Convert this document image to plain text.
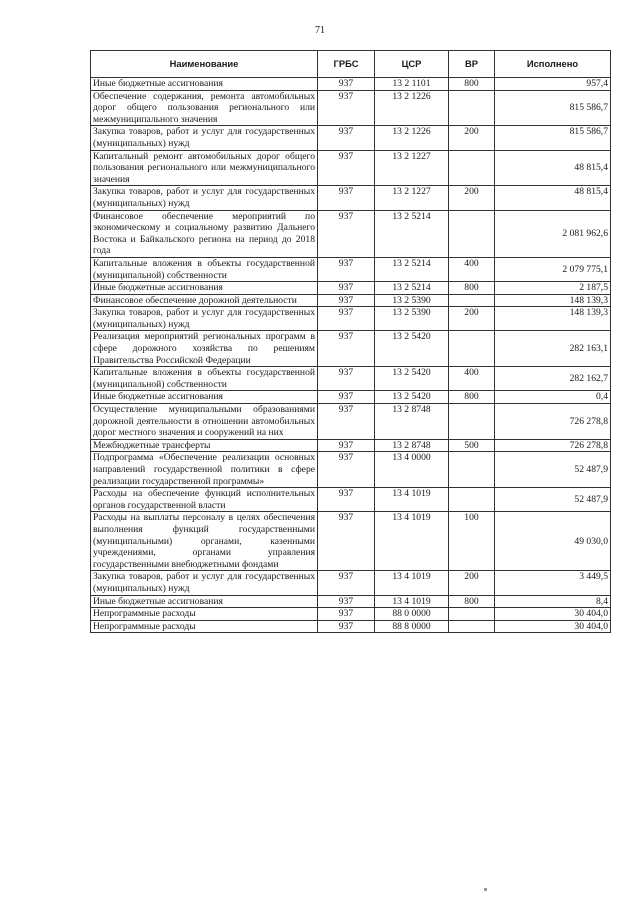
71
Наименование	ГРБС	ЦСР	ВР	Исполнено
Иные бюджетные ассигнования	937	13 2 1101	800	957,4
Обеспечение содержания, ремонта автомобильных дорог общего пользования регионального или межмуниципального значения	937	13 2 1226		815 586,7
Закупка товаров, работ и услуг для государственных (муниципальных) нужд	937	13 2 1226	200	815 586,7
Капитальный ремонт автомобильных дорог общего пользования регионального или межмуниципального значения	937	13 2 1227		48 815,4
Закупка товаров, работ и услуг для государственных (муниципальных) нужд	937	13 2 1227	200	48 815,4
Финансовое обеспечение мероприятий по экономическому и социальному развитию Дальнего Востока и Байкальского региона на период до 2018 года	937	13 2 5214		2 081 962,6
Капитальные вложения в объекты государственной (муниципальной) собственности	937	13 2 5214	400	2 079 775,1
Иные бюджетные ассигнования	937	13 2 5214	800	2 187,5
Финансовое обеспечение дорожной деятельности	937	13 2 5390		148 139,3
Закупка товаров, работ и услуг для государственных (муниципальных) нужд	937	13 2 5390	200	148 139,3
Реализация мероприятий региональных программ в сфере дорожного хозяйства по решениям Правительства Российской Федерации	937	13 2 5420		282 163,1
Капитальные вложения в объекты государственной (муниципальной) собственности	937	13 2 5420	400	282 162,7
Иные бюджетные ассигнования	937	13 2 5420	800	0,4
Осуществление муниципальными образованиями дорожной деятельности в отношении автомобильных дорог местного значения и сооружений на них	937	13 2 8748		726 278,8
Межбюджетные трансферты	937	13 2 8748	500	726 278,8
Подпрограмма «Обеспечение реализации основных направлений государственной политики в сфере реализации государственной программы»	937	13 4 0000		52 487,9
Расходы на обеспечение функций исполнительных органов государственной власти	937	13 4 1019		52 487,9
Расходы на выплаты персоналу в целях обеспечения выполнения функций государственными (муниципальными) органами, казенными учреждениями, органами управления государственными внебюджетными фондами	937	13 4 1019	100	49 030,0
Закупка товаров, работ и услуг для государственных (муниципальных) нужд	937	13 4 1019	200	3 449,5
Иные бюджетные ассигнования	937	13 4 1019	800	8,4
Непрограммные расходы	937	88 0 0000		30 404,0
Непрограммные расходы	937	88 8 0000		30 404,0
